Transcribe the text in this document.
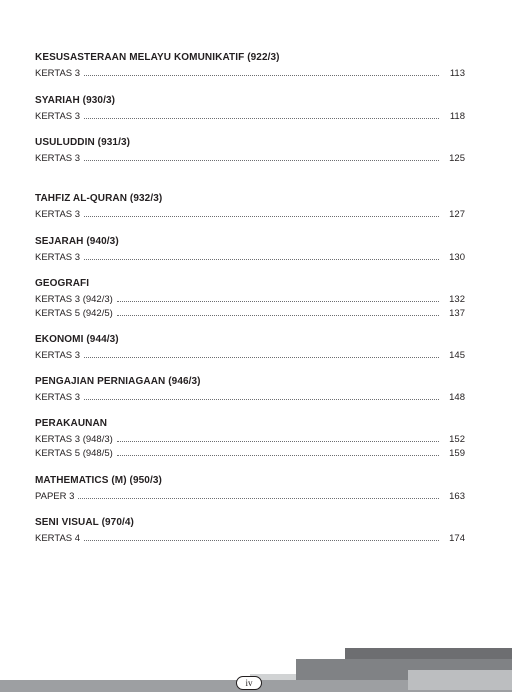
KESUSASTERAAN MELAYU KOMUNIKATIF (922/3)
KERTAS 3	113
SYARIAH (930/3)
KERTAS 3	118
USULUDDIN (931/3)
KERTAS 3	125
TAHFIZ AL-QURAN (932/3)
KERTAS 3	127
SEJARAH (940/3)
KERTAS 3	130
GEOGRAFI
KERTAS 3 (942/3)	132
KERTAS 5 (942/5)	137
EKONOMI (944/3)
KERTAS 3	145
PENGAJIAN PERNIAGAAN (946/3)
KERTAS 3	148
PERAKAUNAN
KERTAS 3 (948/3)	152
KERTAS 5 (948/5)	159
MATHEMATICS (M) (950/3)
PAPER 3	163
SENI VISUAL (970/4)
KERTAS 4	174
iv
